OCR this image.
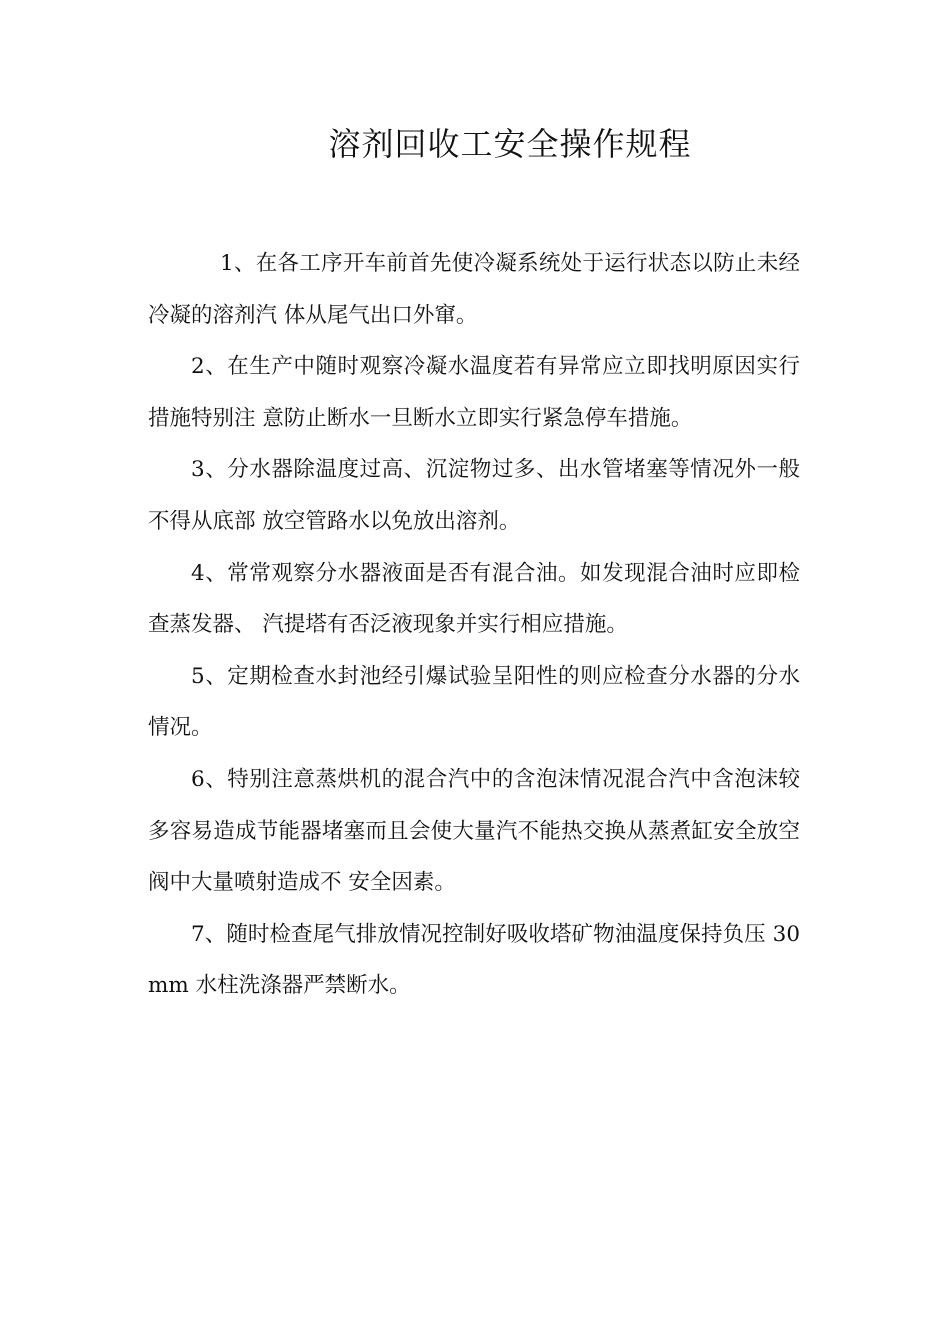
溶剂回收工安全操作规程

1、在各工序开车前首先使冷凝系统处于运行状态以防止未经冷凝的溶剂汽 体从尾气出口外窜。

2、在生产中随时观察冷凝水温度若有异常应立即找明原因实行措施特别注 意防止断水一旦断水立即实行紧急停车措施。

3、分水器除温度过高、沉淀物过多、出水管堵塞等情况外一般不得从底部 放空管路水以免放出溶剂。

4、常常观察分水器液面是否有混合油。如发现混合油时应即检查蒸发器、 汽提塔有否泛液现象并实行相应措施。

5、定期检查水封池经引爆试验呈阳性的则应检查分水器的分水情况。

6、特别注意蒸烘机的混合汽中的含泡沫情况混合汽中含泡沫较多容易造成节能器堵塞而且会使大量汽不能热交换从蒸煮缸安全放空阀中大量喷射造成不 安全因素。

7、随时检查尾气排放情况控制好吸收塔矿物油温度保持负压 30mm 水柱洗涤器严禁断水。
